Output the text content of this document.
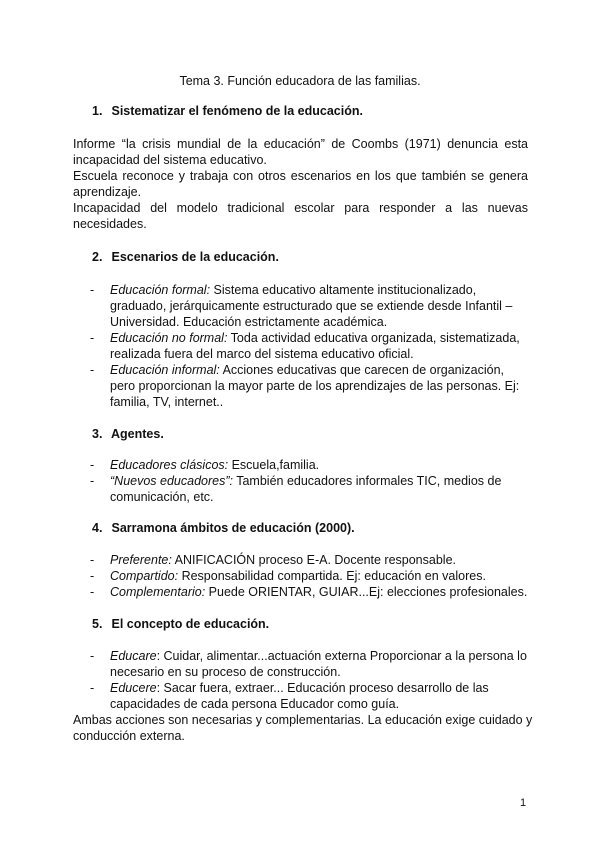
Tema 3. Función educadora de las familias.
1. Sistematizar el fenómeno de la educación.

Informe “la crisis mundial de la educación” de Coombs (1971) denuncia esta incapacidad del sistema educativo.

Escuela reconoce y trabaja con otros escenarios en los que también se genera aprendizaje.

Incapacidad del modelo tradicional escolar para responder a las nuevas necesidades.

2. Escenarios de la educación.
- Educación formal: Sistema educativo altamente institucionalizado, graduado, jerárquicamente estructurado que se extiende desde Infantil – Universidad. Educación estrictamente académica.
- Educación no formal: Toda actividad educativa organizada, sistematizada, realizada fuera del marco del sistema educativo oficial.
- Educación informal: Acciones educativas que carecen de organización, pero proporcionan la mayor parte de los aprendizajes de las personas. Ej: familia, TV, internet..
3. Agentes.
- Educadores clásicos: Escuela,familia.
- “Nuevos educadores”: También educadores informales TIC, medios de comunicación, etc.
4. Sarramona ámbitos de educación (2000).
- Preferente: ANIFICACIÓN proceso E-A. Docente responsable.
- Compartido: Responsabilidad compartida. Ej: educación en valores.
- Complementario: Puede ORIENTAR, GUIAR...Ej: elecciones profesionales.
5. El concepto de educación.
- Educare: Cuidar, alimentar...actuación externa Proporcionar a la persona lo necesario en su proceso de construcción.
- Educere: Sacar fuera, extraer... Educación proceso desarrollo de las capacidades de cada persona Educador como guía.
Ambas acciones son necesarias y complementarias. La educación exige cuidado y conducción externa.
1
